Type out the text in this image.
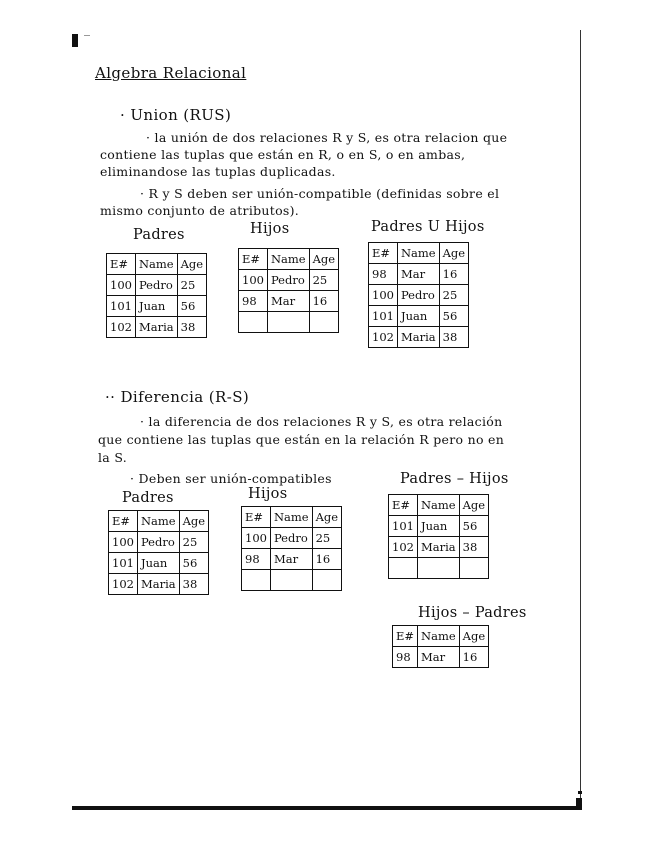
Algebra Relacional
· Union (RUS)
· la unión de dos relaciones R y S, es otra relacion que
contiene las tuplas que están en R, o en S, o en ambas,
eliminandose las tuplas duplicadas.
· R y S deben ser unión-compatible (definidas sobre el
mismo conjunto de atributos).
Padres
E#	Name	Age
100	Pedro	25
101	Juan	56
102	Maria	38
Hijos
E#	Name	Age
100	Pedro	25
98	Mar	16

Padres U Hijos
E#	Name	Age
98	Mar	16
100	Pedro	25
101	Juan	56
102	Maria	38
·· Diferencia (R-S)
· la diferencia de dos relaciones R y S, es otra relación
que contiene las tuplas que están en la relación R pero no en
la S.
· Deben ser unión-compatibles
Padres
E#	Name	Age
100	Pedro	25
101	Juan	56
102	Maria	38
Hijos
E#	Name	Age
100	Pedro	25
98	Mar	16

Padres – Hijos
E#	Name	Age
101	Juan	56
102	Maria	38

Hijos – Padres
E#	Name	Age
98	Mar	16
